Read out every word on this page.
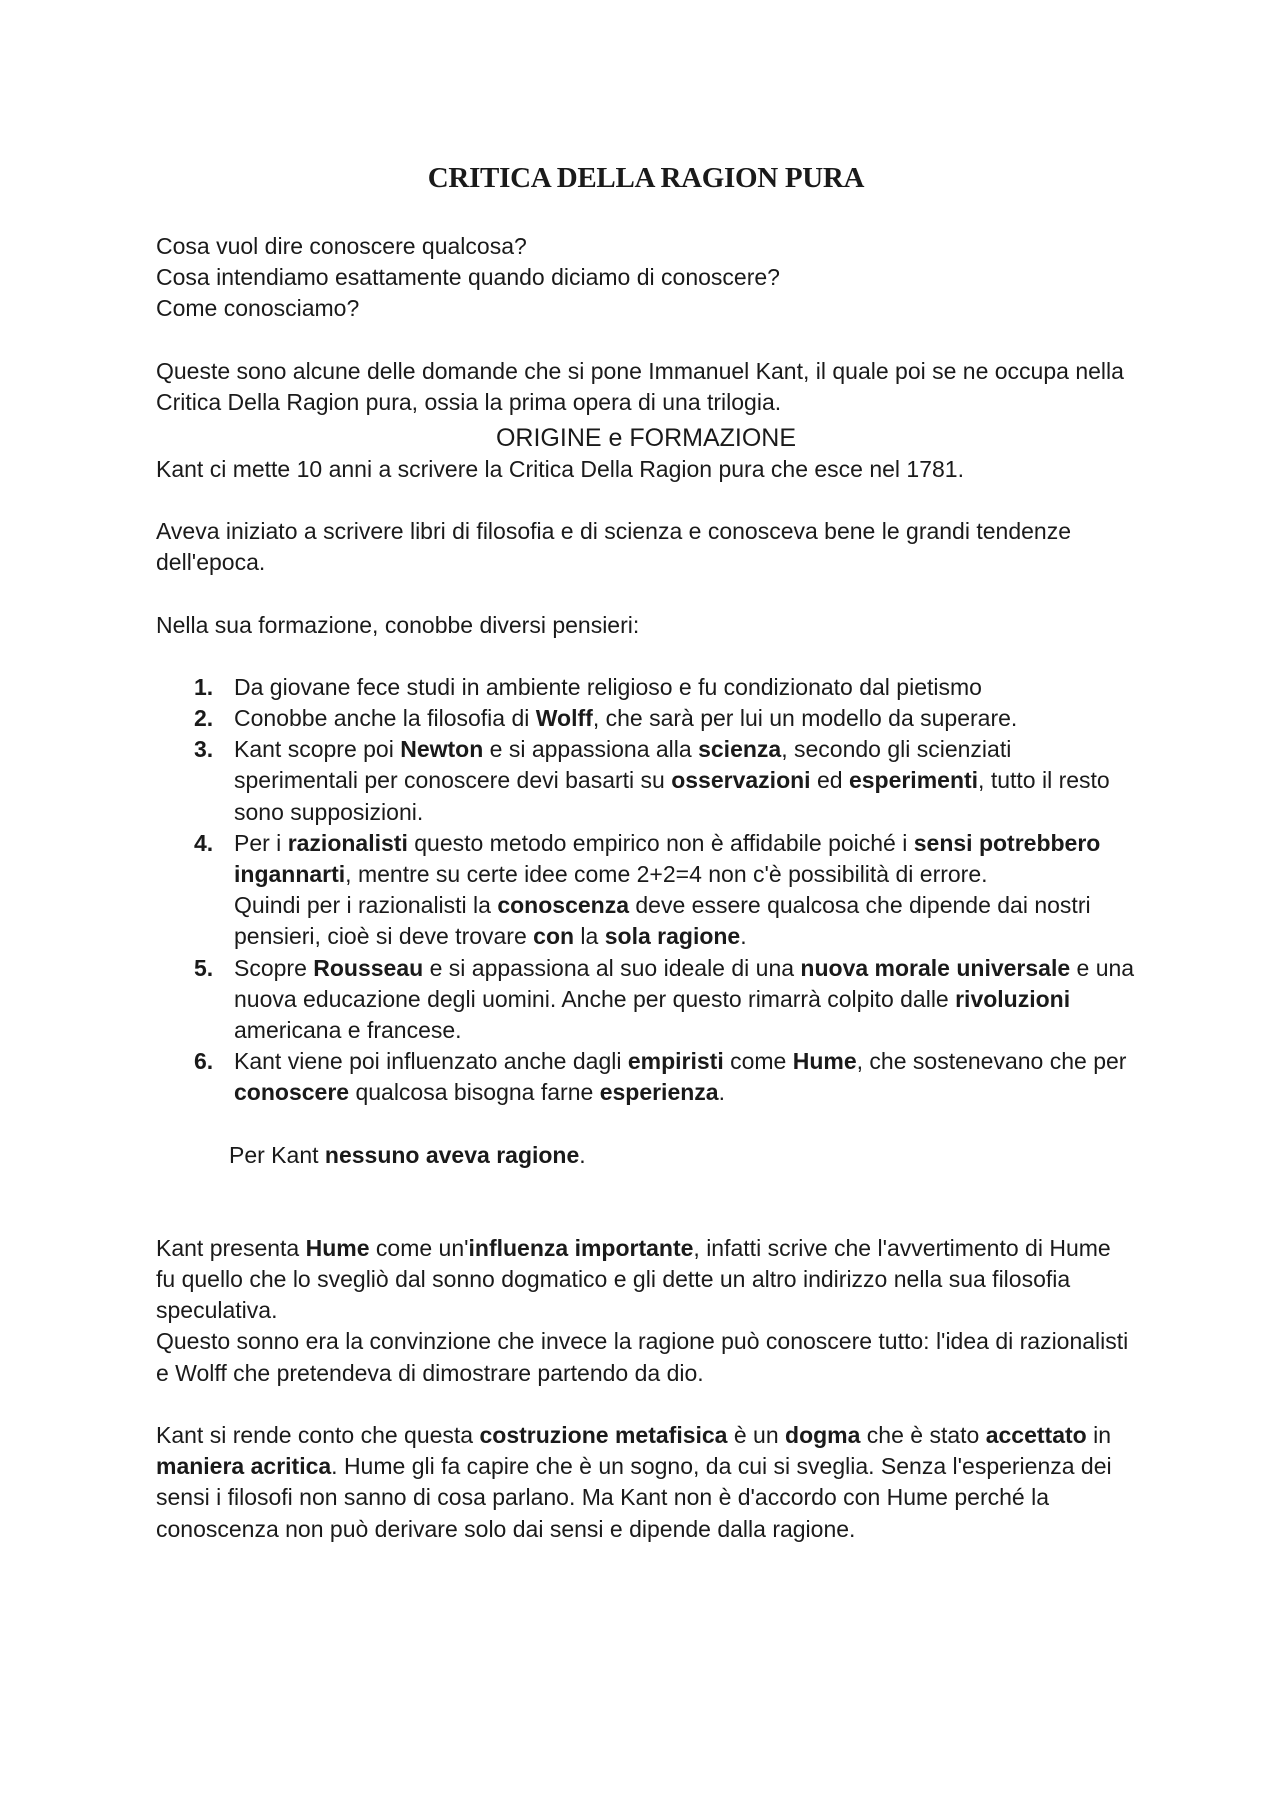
CRITICA DELLA RAGION PURA

Cosa vuol dire conoscere qualcosa?

Cosa intendiamo esattamente quando diciamo di conoscere?

Come conosciamo?

Queste sono alcune delle domande che si pone Immanuel Kant, il quale poi se ne occupa nella Critica Della Ragion pura, ossia la prima opera di una trilogia.

ORIGINE e FORMAZIONE

Kant ci mette 10 anni a scrivere la Critica Della Ragion pura che esce nel 1781.

Aveva iniziato a scrivere libri di filosofia e di scienza e conosceva bene le grandi tendenze dell'epoca.

Nella sua formazione, conobbe diversi pensieri:

1. Da giovane fece studi in ambiente religioso e fu condizionato dal pietismo
2. Conobbe anche la filosofia di Wolff, che sarà per lui un modello da superare.
3. Kant scopre poi Newton e si appassiona alla scienza, secondo gli scienziati sperimentali per conoscere devi basarti su osservazioni ed esperimenti, tutto il resto sono supposizioni.
4. Per i razionalisti questo metodo empirico non è affidabile poiché i sensi potrebbero ingannarti, mentre su certe idee come 2+2=4 non c'è possibilità di errore.
Quindi per i razionalisti la conoscenza deve essere qualcosa che dipende dai nostri pensieri, cioè si deve trovare con la sola ragione.
5. Scopre Rousseau e si appassiona al suo ideale di una nuova morale universale e una nuova educazione degli uomini. Anche per questo rimarrà colpito dalle rivoluzioni americana e francese.
6. Kant viene poi influenzato anche dagli empiristi come Hume, che sostenevano che per conoscere qualcosa bisogna farne esperienza.

Per Kant nessuno aveva ragione.

Kant presenta Hume come un'influenza importante, infatti scrive che l'avvertimento di Hume fu quello che lo svegliò dal sonno dogmatico e gli dette un altro indirizzo nella sua filosofia speculativa.
Questo sonno era la convinzione che invece la ragione può conoscere tutto: l'idea di razionalisti e Wolff che pretendeva di dimostrare partendo da dio.

Kant si rende conto che questa costruzione metafisica è un dogma che è stato accettato in maniera acritica. Hume gli fa capire che è un sogno, da cui si sveglia. Senza l'esperienza dei sensi i filosofi non sanno di cosa parlano. Ma Kant non è d'accordo con Hume perché la conoscenza non può derivare solo dai sensi e dipende dalla ragione.
